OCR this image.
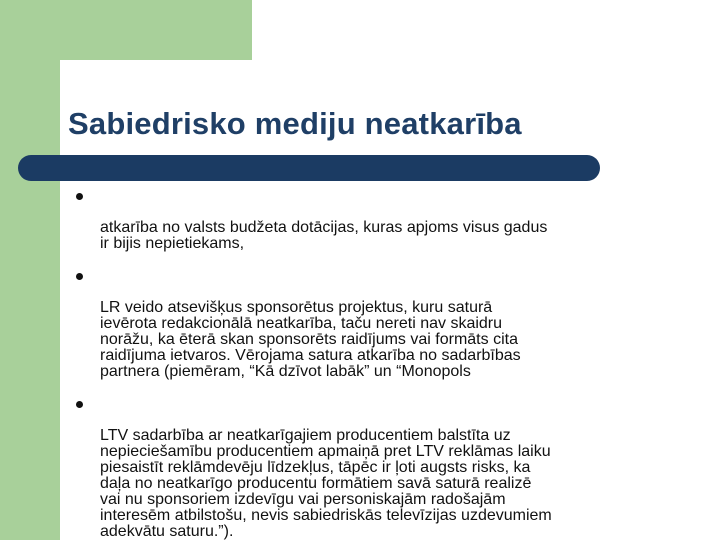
Sabiedrisko mediju neatkarība

atkarība no valsts budžeta dotācijas, kuras apjoms visus gadus
ir bijis nepietiekams,

LR veido atsevišķus sponsorētus projektus, kuru saturā
ievērota redakcionālā neatkarība, taču nereti nav skaidru
norāžu, ka ēterā skan sponsorēts raidījums vai formāts cita
raidījuma ietvaros. Vērojama satura atkarība no sadarbības
partnera (piemēram, “Kā dzīvot labāk” un “Monopols

LTV sadarbība ar neatkarīgajiem producentiem balstīta uz
nepieciešamību producentiem apmaiņā pret LTV reklāmas laiku
piesaistīt reklāmdevēju līdzekļus, tāpēc ir ļoti augsts risks, ka
daļa no neatkarīgo producentu formātiem savā saturā realizē
vai nu sponsoriem izdevīgu vai personiskajām radošajām
interesēm atbilstošu, nevis sabiedriskās televīzijas uzdevumiem
adekvātu saturu.”).
